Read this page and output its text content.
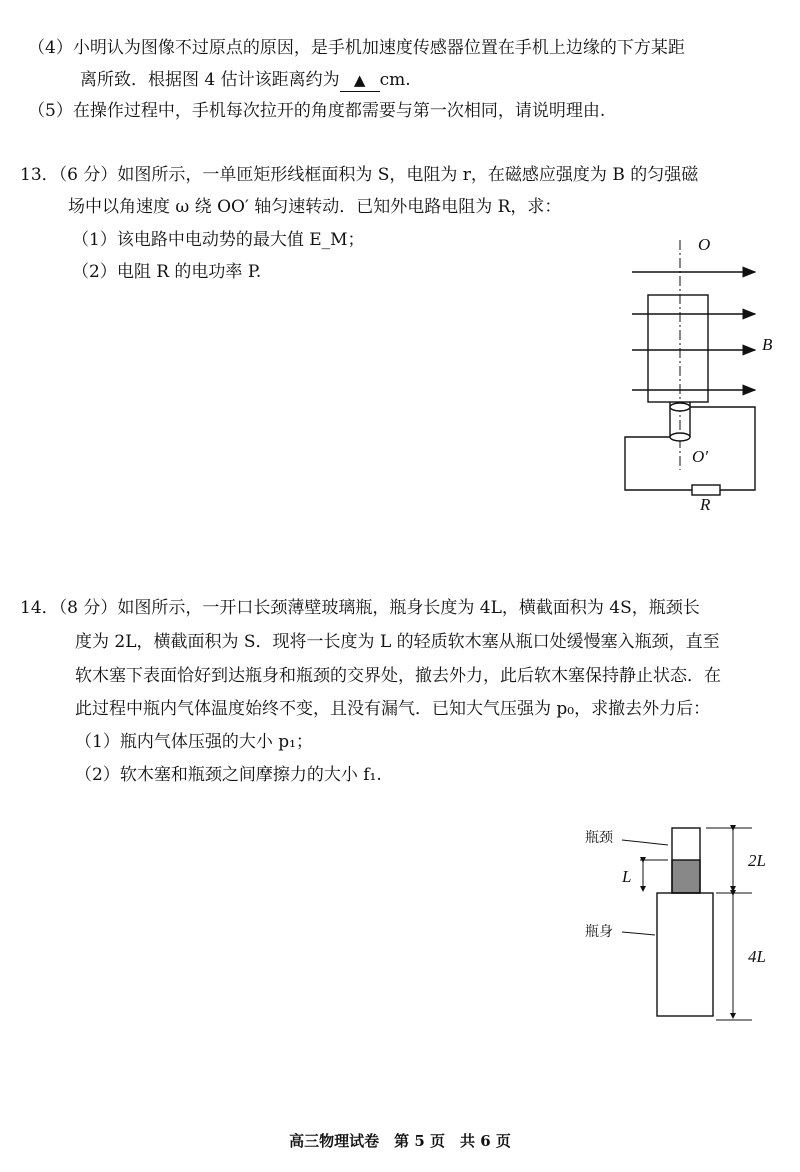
（4）小明认为图像不过原点的原因，是手机加速度传感器位置在手机上边缘的下方某距
离所致．根据图 4 估计该距离约为 ▲ cm.
（5）在操作过程中，手机每次拉开的角度都需要与第一次相同，请说明理由.
13．（6 分）如图所示，一单匝矩形线框面积为 S，电阻为 r，在磁感应强度为 B 的匀强磁
场中以角速度 ω 绕 OO′ 轴匀速转动．已知外电路电阻为 R，求：
（1）该电路中电动势的最大值 E_M；
（2）电阻 R 的电功率 P.
O
B
O′
R
瓶颈
瓶身
L
2L
4L
14．（8 分）如图所示，一开口长颈薄壁玻璃瓶，瓶身长度为 4L，横截面积为 4S，瓶颈长
度为 2L，横截面积为 S．现将一长度为 L 的轻质软木塞从瓶口处缓慢塞入瓶颈，直至
软木塞下表面恰好到达瓶身和瓶颈的交界处，撤去外力，此后软木塞保持静止状态．在
此过程中瓶内气体温度始终不变，且没有漏气．已知大气压强为 p₀，求撤去外力后：
（1）瓶内气体压强的大小 p₁；
（2）软木塞和瓶颈之间摩擦力的大小 f₁.
高三物理试卷　第 5 页　共 6 页
